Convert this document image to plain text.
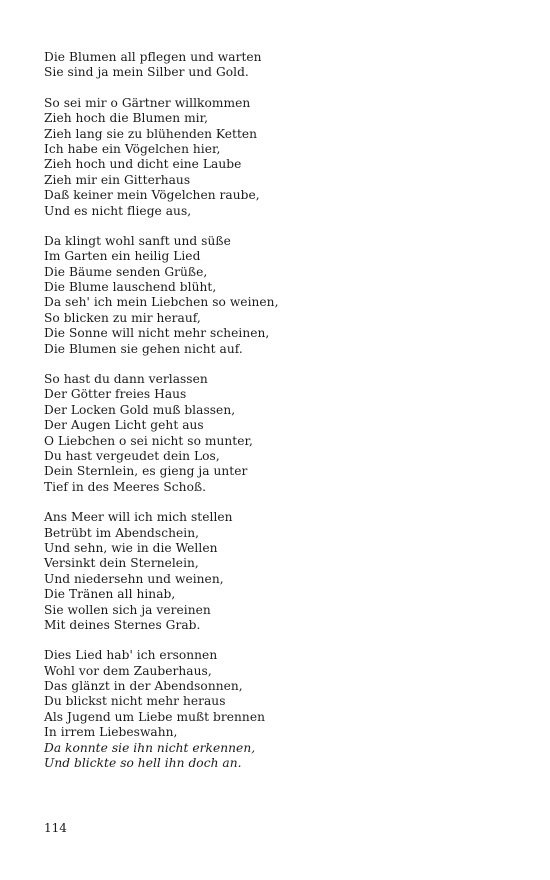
Die Blumen all pflegen und warten
Sie sind ja mein Silber und Gold.
So sei mir o Gärtner willkommen
Zieh hoch die Blumen mir,
Zieh lang sie zu blühenden Ketten
Ich habe ein Vögelchen hier,
Zieh hoch und dicht eine Laube
Zieh mir ein Gitterhaus
Daß keiner mein Vögelchen raube,
Und es nicht fliege aus,
Da klingt wohl sanft und süße
Im Garten ein heilig Lied
Die Bäume senden Grüße,
Die Blume lauschend blüht,
Da seh' ich mein Liebchen so weinen,
So blicken zu mir herauf,
Die Sonne will nicht mehr scheinen,
Die Blumen sie gehen nicht auf.
So hast du dann verlassen
Der Götter freies Haus
Der Locken Gold muß blassen,
Der Augen Licht geht aus
O Liebchen o sei nicht so munter,
Du hast vergeudet dein Los,
Dein Sternlein, es gieng ja unter
Tief in des Meeres Schoß.
Ans Meer will ich mich stellen
Betrübt im Abendschein,
Und sehn, wie in die Wellen
Versinkt dein Sternelein,
Und niedersehn und weinen,
Die Tränen all hinab,
Sie wollen sich ja vereinen
Mit deines Sternes Grab.
Dies Lied hab' ich ersonnen
Wohl vor dem Zauberhaus,
Das glänzt in der Abendsonnen,
Du blickst nicht mehr heraus
Als Jugend um Liebe mußt brennen
In irrem Liebeswahn,
Da konnte sie ihn nicht erkennen,
Und blickte so hell ihn doch an.
114
